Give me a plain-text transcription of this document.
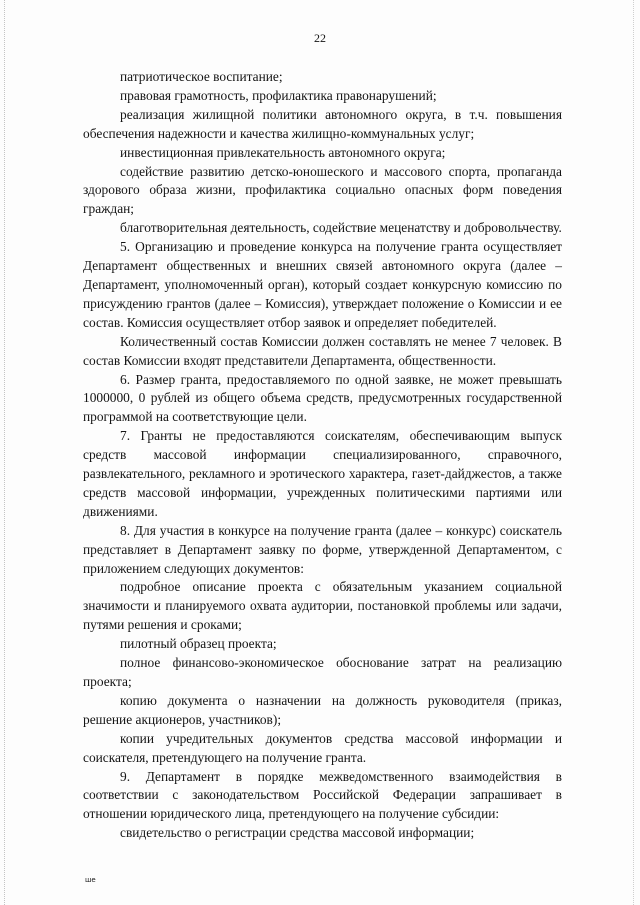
22

патриотическое воспитание;

правовая грамотность, профилактика правонарушений;

реализация жилищной политики автономного округа, в т.ч. повышения обеспечения надежности и качества жилищно-коммунальных услуг;

инвестиционная привлекательность автономного округа;

содействие развитию детско-юношеского и массового спорта, пропаганда здорового образа жизни, профилактика социально опасных форм поведения граждан;

благотворительная деятельность, содействие меценатству и добровольчеству.

5. Организацию и проведение конкурса на получение гранта осуществляет Департамент общественных и внешних связей автономного округа (далее – Департамент, уполномоченный орган), который создает конкурсную комиссию по присуждению грантов (далее – Комиссия), утверждает положение о Комиссии и ее состав. Комиссия осуществляет отбор заявок и определяет победителей.

Количественный состав Комиссии должен составлять не менее 7 человек. В состав Комиссии входят представители Департамента, общественности.

6. Размер гранта, предоставляемого по одной заявке, не может превышать 1000000, 0 рублей из общего объема средств, предусмотренных государственной программой на соответствующие цели.

7. Гранты не предоставляются соискателям, обеспечивающим выпуск средств массовой информации специализированного, справочного, развлекательного, рекламного и эротического характера, газет-дайджестов, а также средств массовой информации, учрежденных политическими партиями или движениями.

8. Для участия в конкурсе на получение гранта (далее – конкурс) соискатель представляет в Департамент заявку по форме, утвержденной Департаментом, с приложением следующих документов:

подробное описание проекта с обязательным указанием социальной значимости и планируемого охвата аудитории, постановкой проблемы или задачи, путями решения и сроками;

пилотный образец проекта;

полное финансово-экономическое обоснование затрат на реализацию проекта;

копию документа о назначении на должность руководителя (приказ, решение акционеров, участников);

копии учредительных документов средства массовой информации и соискателя, претендующего на получение гранта.

9. Департамент в порядке межведомственного взаимодействия в соответствии с законодательством Российской Федерации запрашивает в отношении юридического лица, претендующего на получение субсидии:

свидетельство о регистрации средства массовой информации;

ше
